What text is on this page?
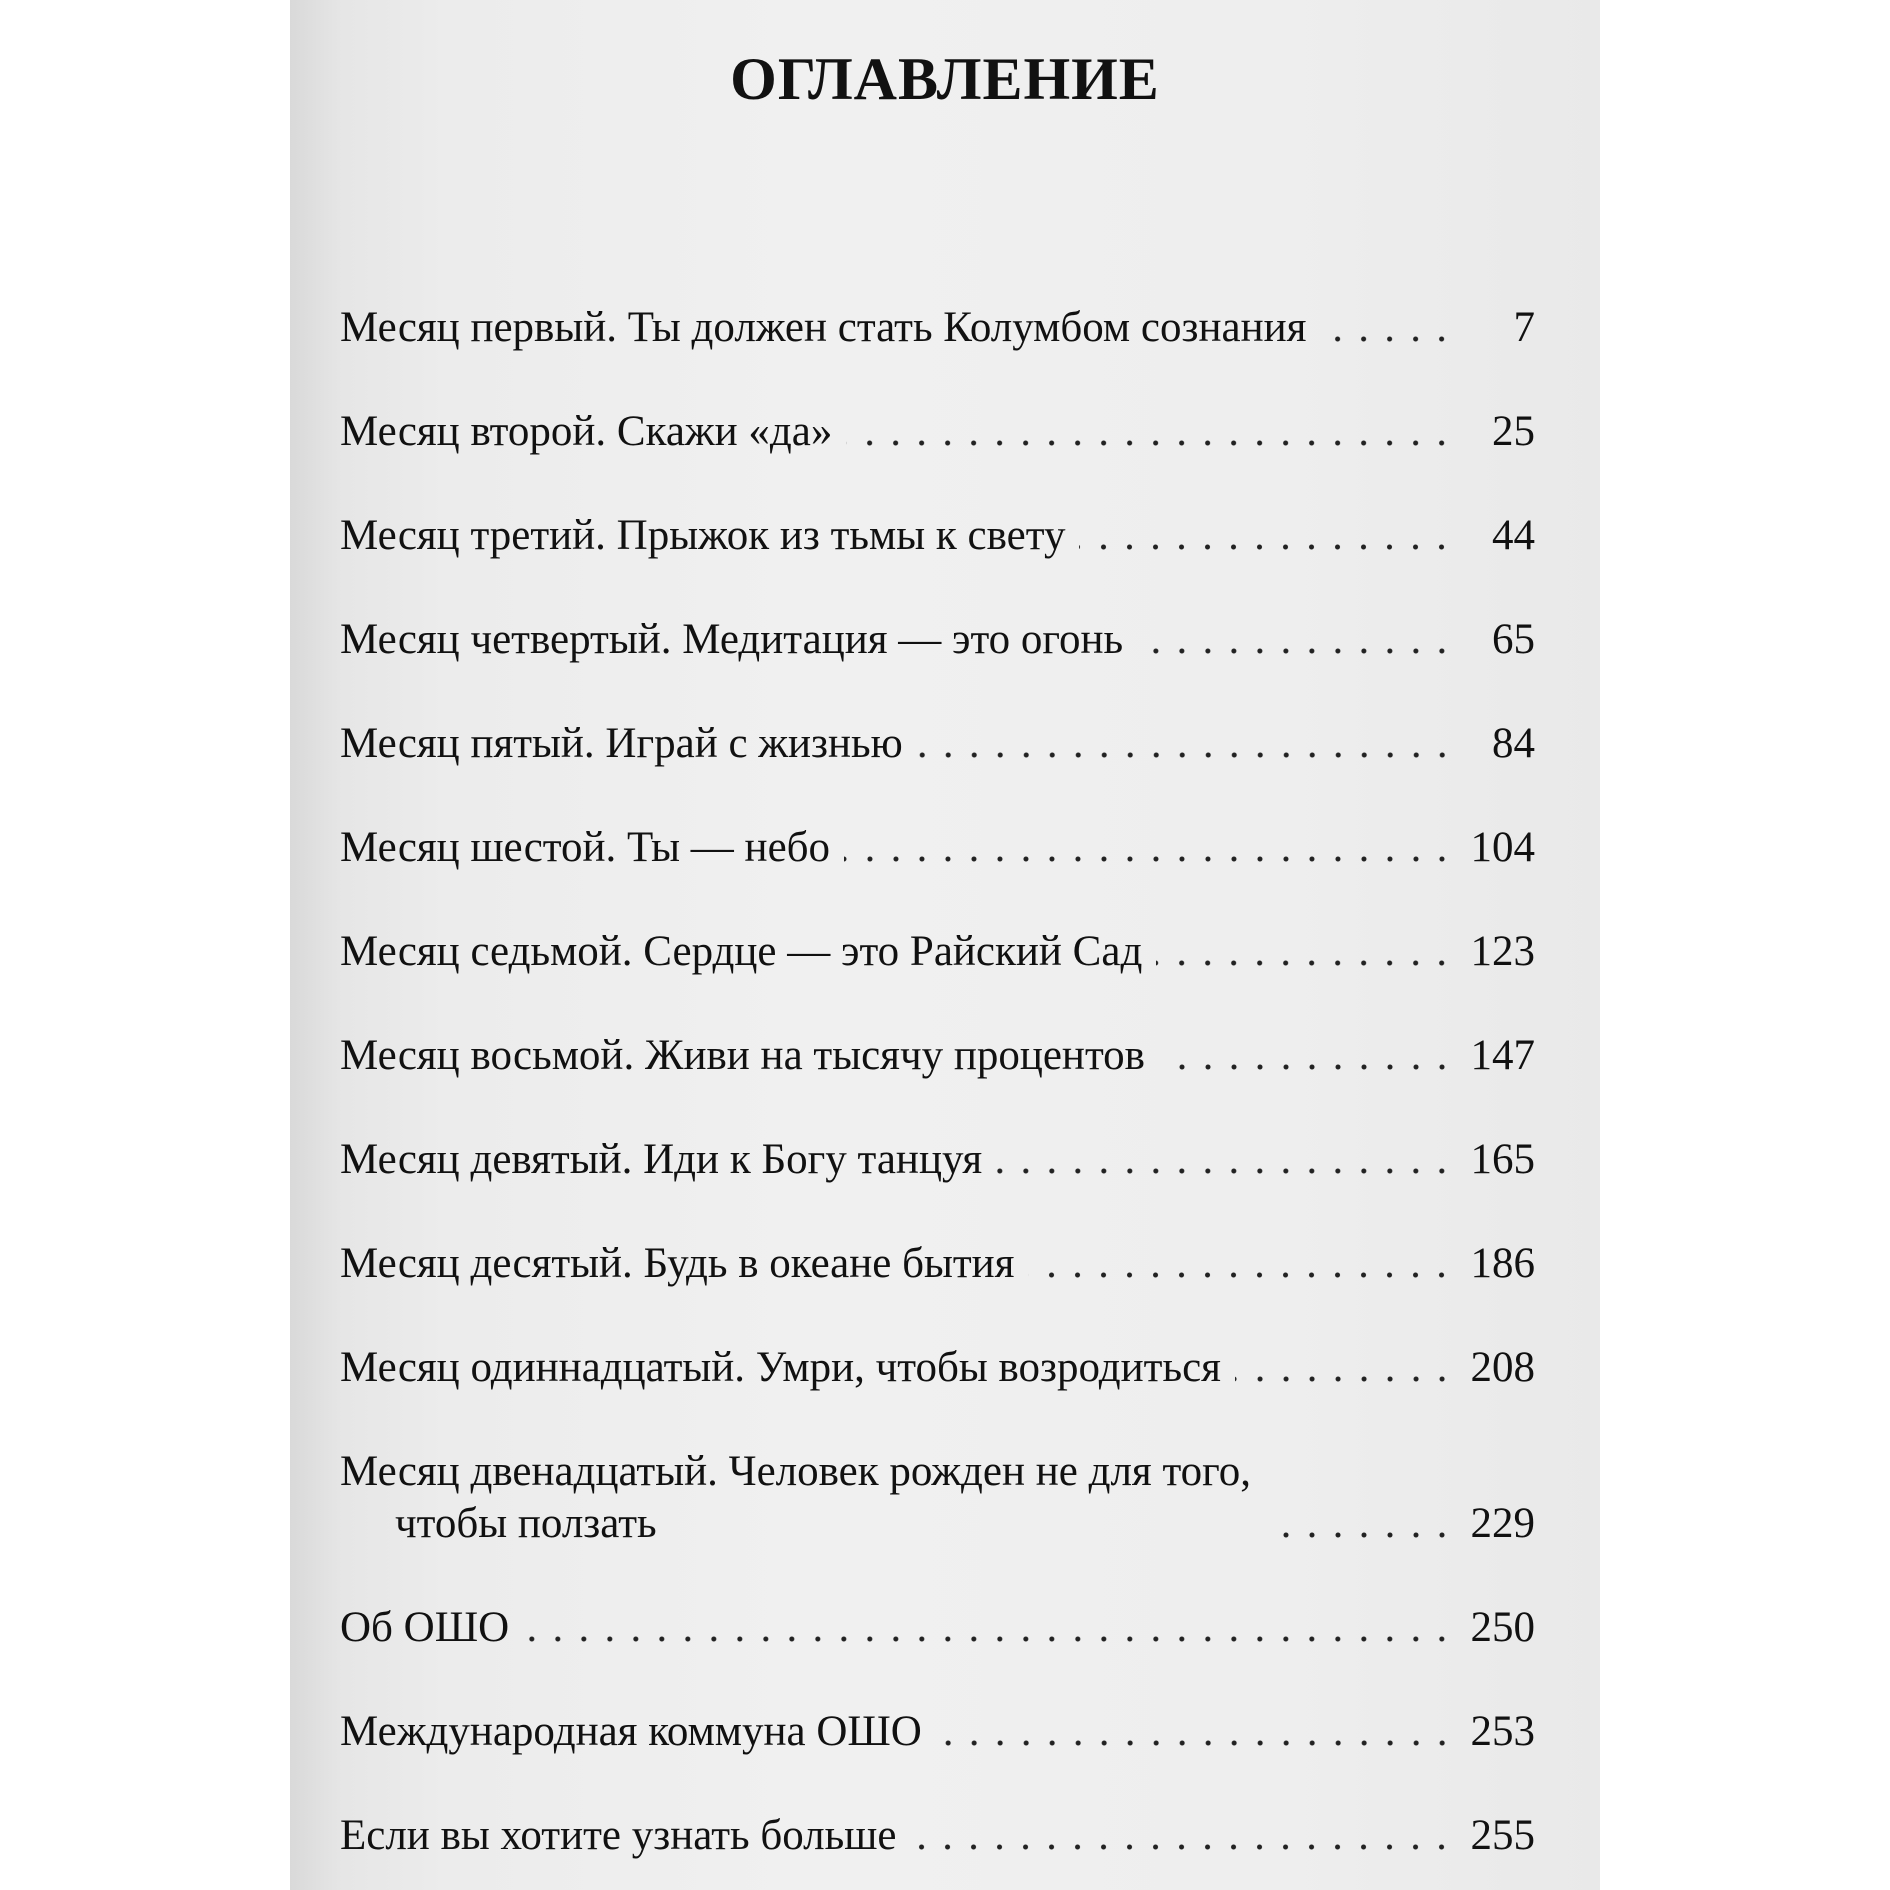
ОГЛАВЛЕНИЕ
Месяц первый. Ты должен стать Колумбом сознания	7
Месяц второй. Скажи «да»	25
Месяц третий. Прыжок из тьмы к свету	44
Месяц четвертый. Медитация — это огонь	65
Месяц пятый. Играй с жизнью	84
Месяц шестой. Ты — небо	104
Месяц седьмой. Сердце — это Райский Сад	123
Месяц восьмой. Живи на тысячу процентов	147
Месяц девятый. Иди к Богу танцуя	165
Месяц десятый. Будь в океане бытия	186
Месяц одиннадцатый. Умри, чтобы возродиться	208
Месяц двенадцатый. Человек рожден не для того,
чтобы ползать	229
Об ОШО	250
Международная коммуна ОШО	253
Если вы хотите узнать больше	255
